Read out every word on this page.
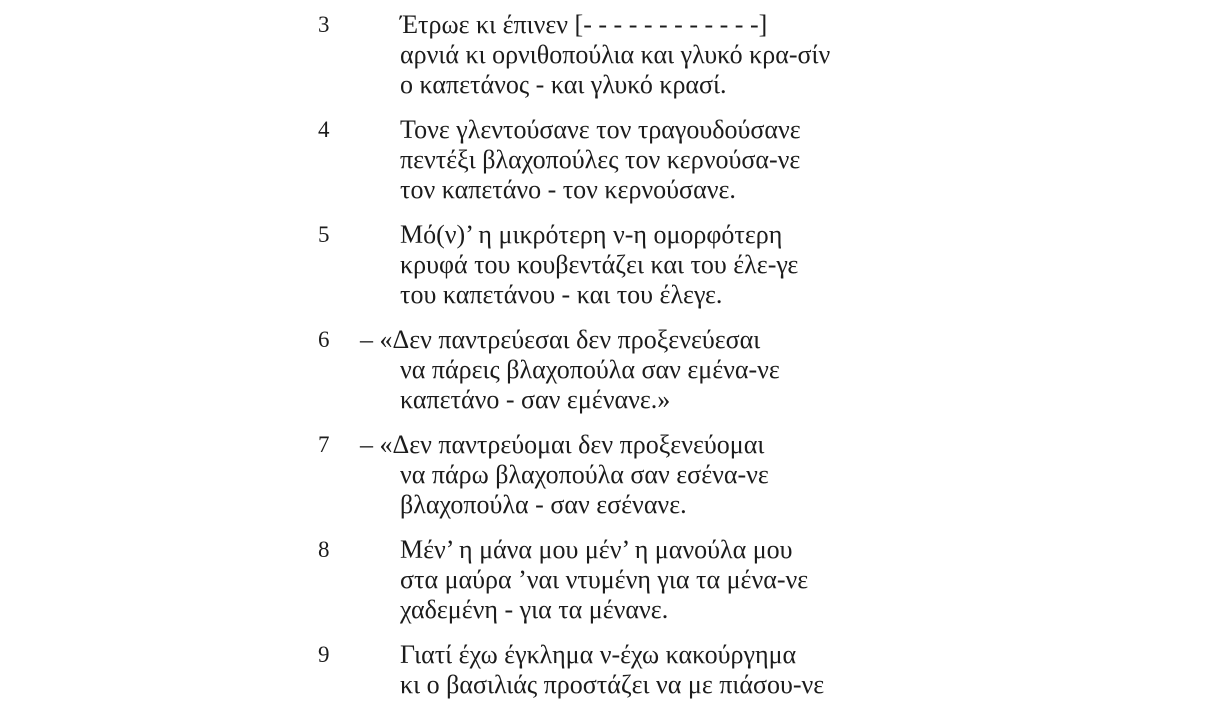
3	Έτρωε κι έπινεν [- - - - - - - - - - - -]
αρνιά κι ορνιθοπούλια και γλυκό κρα-σίν
ο καπετάνος - και γλυκό κρασί.
4	Τονε γλεντούσανε τον τραγουδούσανε
πεντέξι βλαχοπούλες τον κερνούσα-νε
τον καπετάνο - τον κερνούσανε.
5	Μό(ν)’ η μικρότερη ν-η ομορφότερη
κρυφά του κουβεντάζει και του έλε-γε
του καπετάνου - και του έλεγε.
6	– «Δεν παντρεύεσαι δεν προξενεύεσαι
να πάρεις βλαχοπούλα σαν εμένα-νε
καπετάνο - σαν εμένανε.»
7	– «Δεν παντρεύομαι δεν προξενεύομαι
να πάρω βλαχοπούλα σαν εσένα-νε
βλαχοπούλα - σαν εσένανε.
8	Μέν’ η μάνα μου μέν’ η μανούλα μου
στα μαύρα ’ναι ντυμένη για τα μένα-νε
χαδεμένη - για τα μένανε.
9	Γιατί έχω έγκλημα ν-έχω κακούργημα
κι ο βασιλιάς προστάζει να με πιάσου-νε
